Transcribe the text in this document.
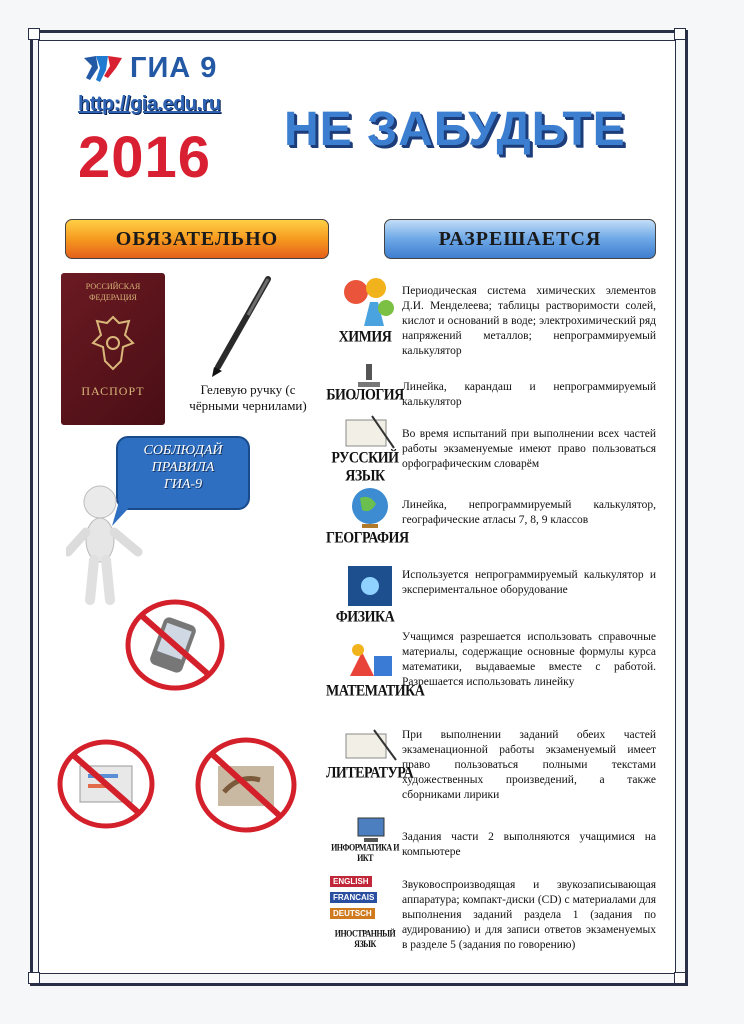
ГИА 9
http://gia.edu.ru
2016 НЕ ЗАБУДЬТЕ
ОБЯЗАТЕЛЬНО	РАЗРЕШАЕТСЯ
РОССИЙСКАЯ ФЕДЕРАЦИЯ
ПАСПОРТ	Гелевую ручку (с чёрными чернилами)
СОБЛЮДАЙ
ПРАВИЛА
ГИА-9
ХИМИЯ
Периодическая система химических элементов Д.И. Менделеева; таблицы растворимости солей, кислот и оснований в воде; электрохимический ряд напряжений металлов; непрограммируемый калькулятор
БИОЛОГИЯ
Линейка, карандаш и непрограммируемый калькулятор
РУССКИЙ ЯЗЫК
Во время испытаний при выполнении всех частей работы экзаменуемые имеют право пользоваться орфографическим словарём
ГЕОГРАФИЯ
Линейка, непрограммируемый калькулятор, географические атласы 7, 8, 9 классов
ФИЗИКА
Используется непрограммируемый калькулятор и экспериментальное оборудование
МАТЕМАТИКА
Учащимся разрешается использовать справочные материалы, содержащие основные формулы курса математики, выдаваемые вместе с работой. Разрешается использовать линейку
ЛИТЕРАТУРА
При выполнении заданий обеих частей экзаменационной работы экзаменуемый имеет право пользоваться полными текстами художественных произведений, а также сборниками лирики
ИНФОРМАТИКА И ИКТ
Задания части 2 выполняются учащимися на компьютере
ENGLISH
FRANCAIS
DEUTSCH
ИНОСТРАННЫЙ ЯЗЫК
Звуковоспроизводящая и звукозаписывающая аппаратура; компакт-диски (CD) с материалами для выполнения заданий раздела 1 (задания по аудированию) и для записи ответов экзаменуемых в разделе 5 (задания по говорению)
